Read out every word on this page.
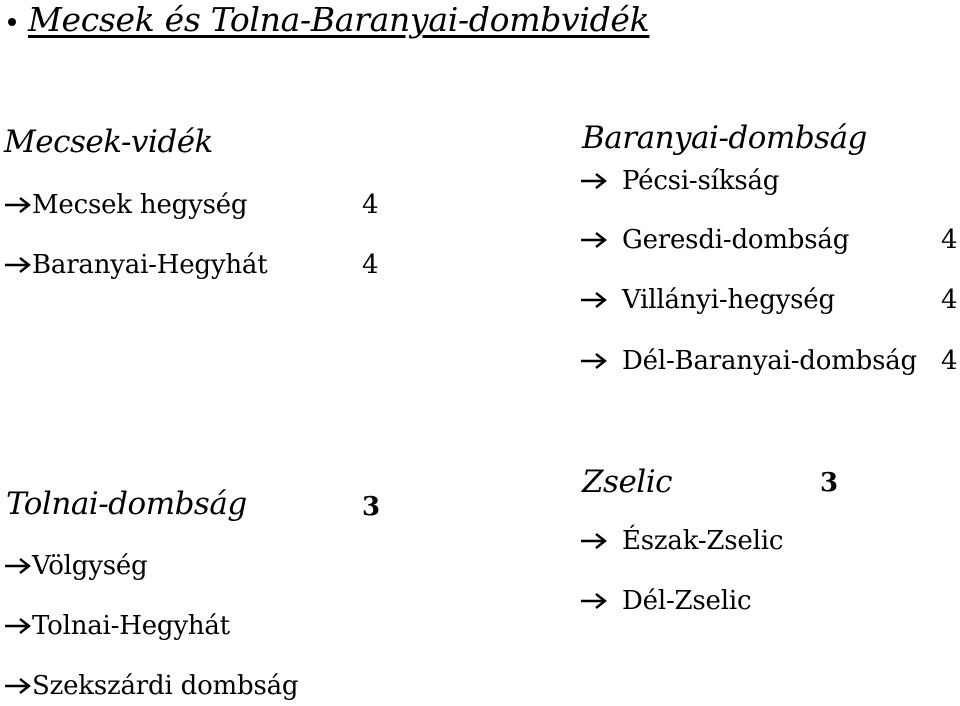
Mecsek és Tolna-Baranyai-dombvidék
Mecsek-vidék
Mecsek hegység	4
Baranyai-Hegyhát	4
Baranyai-dombság
Pécsi-síkság
Geresdi-dombság	4
Villányi-hegység	4
Dél-Baranyai-dombság 4
Tolnai-dombság	3
Völgység
Tolnai-Hegyhát
Szekszárdi dombság
Zselic	3
Észak-Zselic
Dél-Zselic
